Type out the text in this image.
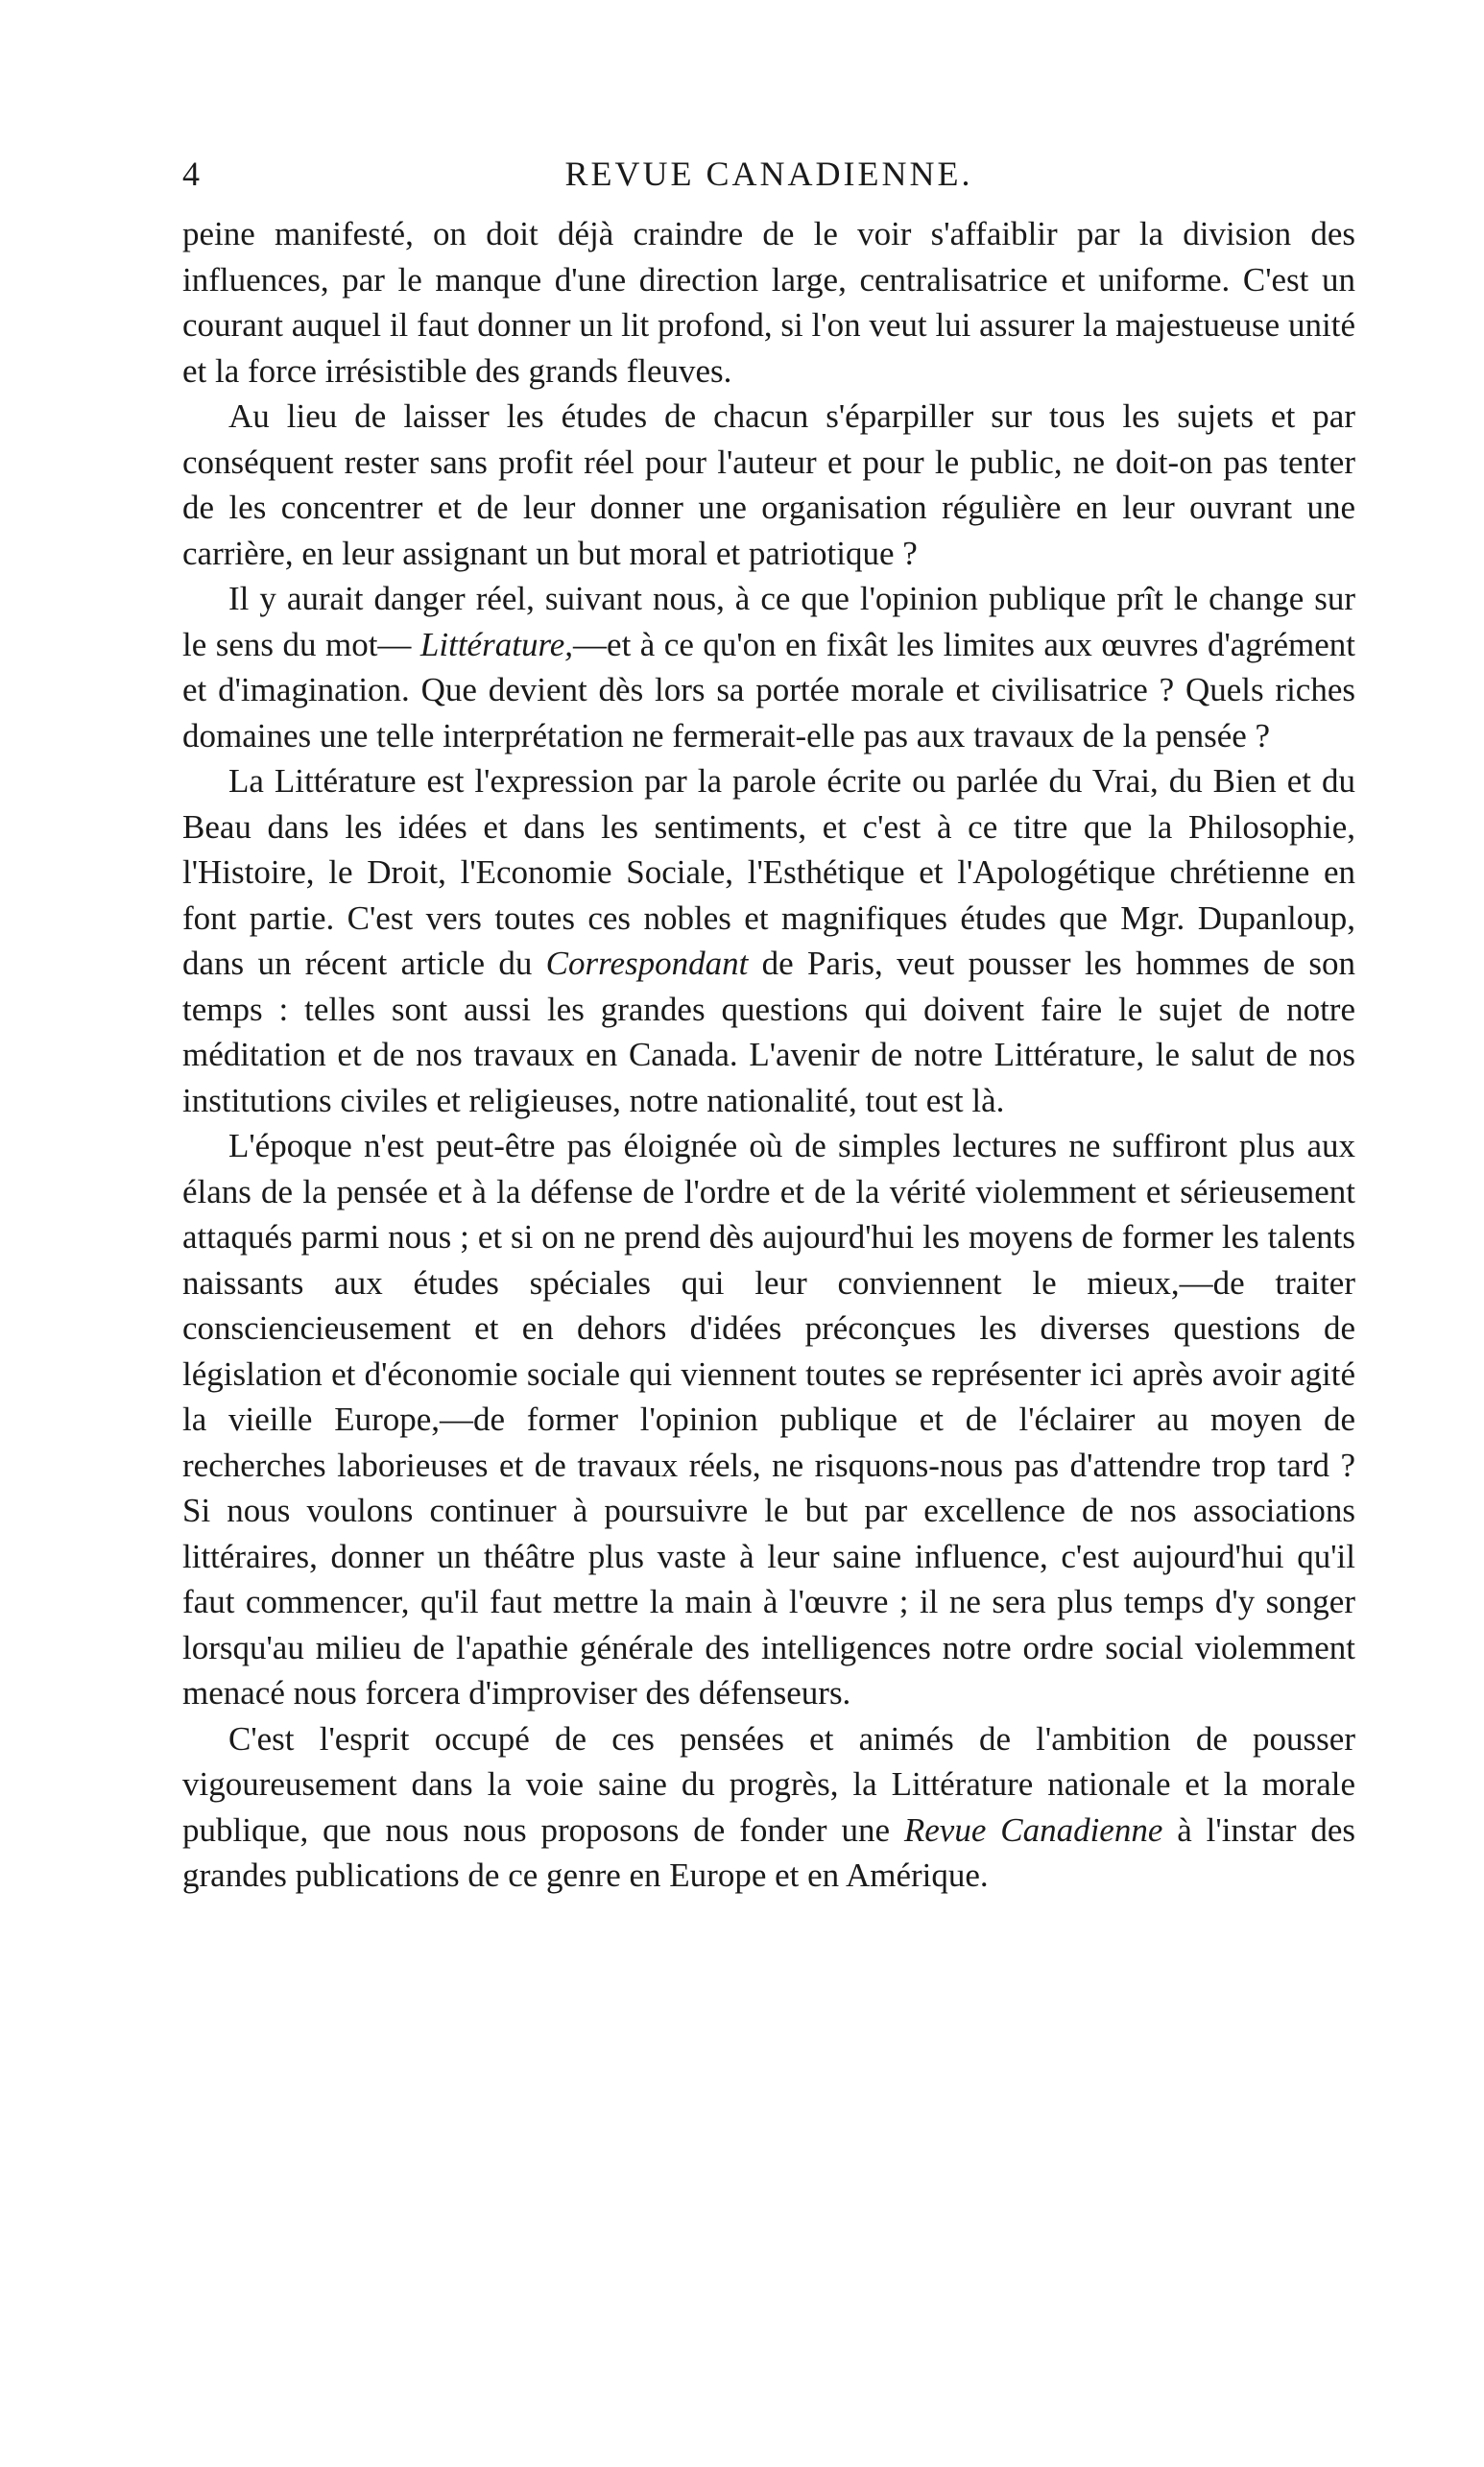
4	REVUE CANADIENNE.

peine manifesté, on doit déjà craindre de le voir s'affaiblir par la division des influences, par le manque d'une direction large, centralisatrice et uniforme. C'est un courant auquel il faut donner un lit profond, si l'on veut lui assurer la majestueuse unité et la force irrésistible des grands fleuves.

Au lieu de laisser les études de chacun s'éparpiller sur tous les sujets et par conséquent rester sans profit réel pour l'auteur et pour le public, ne doit-on pas tenter de les concentrer et de leur donner une organisation régulière en leur ouvrant une carrière, en leur assignant un but moral et patriotique ?

Il y aurait danger réel, suivant nous, à ce que l'opinion publique prît le change sur le sens du mot— Littérature,—et à ce qu'on en fixât les limites aux œuvres d'agrément et d'imagination. Que devient dès lors sa portée morale et civilisatrice ? Quels riches domaines une telle interprétation ne fermerait-elle pas aux travaux de la pensée ?

La Littérature est l'expression par la parole écrite ou parlée du Vrai, du Bien et du Beau dans les idées et dans les sentiments, et c'est à ce titre que la Philosophie, l'Histoire, le Droit, l'Economie Sociale, l'Esthétique et l'Apologétique chrétienne en font partie. C'est vers toutes ces nobles et magnifiques études que Mgr. Dupanloup, dans un récent article du Correspondant de Paris, veut pousser les hommes de son temps : telles sont aussi les grandes questions qui doivent faire le sujet de notre méditation et de nos travaux en Canada. L'avenir de notre Littérature, le salut de nos institutions civiles et religieuses, notre nationalité, tout est là.

L'époque n'est peut-être pas éloignée où de simples lectures ne suffiront plus aux élans de la pensée et à la défense de l'ordre et de la vérité violemment et sérieusement attaqués parmi nous ; et si on ne prend dès aujourd'hui les moyens de former les talents naissants aux études spéciales qui leur conviennent le mieux,—de traiter consciencieusement et en dehors d'idées préconçues les diverses questions de législation et d'économie sociale qui viennent toutes se représenter ici après avoir agité la vieille Europe,—de former l'opinion publique et de l'éclairer au moyen de recherches laborieuses et de travaux réels, ne risquons-nous pas d'attendre trop tard ? Si nous voulons continuer à poursuivre le but par excellence de nos associations littéraires, donner un théâtre plus vaste à leur saine influence, c'est aujourd'hui qu'il faut commencer, qu'il faut mettre la main à l'œuvre ; il ne sera plus temps d'y songer lorsqu'au milieu de l'apathie générale des intelligences notre ordre social violemment menacé nous forcera d'improviser des défenseurs.

C'est l'esprit occupé de ces pensées et animés de l'ambition de pousser vigoureusement dans la voie saine du progrès, la Littérature nationale et la morale publique, que nous nous proposons de fonder une Revue Canadienne à l'instar des grandes publications de ce genre en Europe et en Amérique.
